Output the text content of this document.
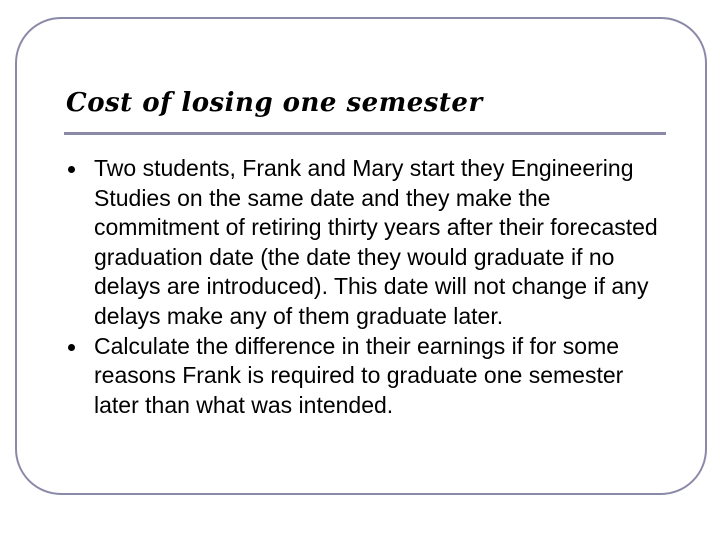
Cost of losing one semester
Two students, Frank and Mary start they Engineering Studies on the same date and they make the commitment of retiring thirty years after their forecasted graduation date (the date they would graduate if no delays are introduced). This date will not change if any delays make any of them graduate later.
Calculate the difference in their earnings if for some reasons Frank is required to graduate one semester later than what was intended.
